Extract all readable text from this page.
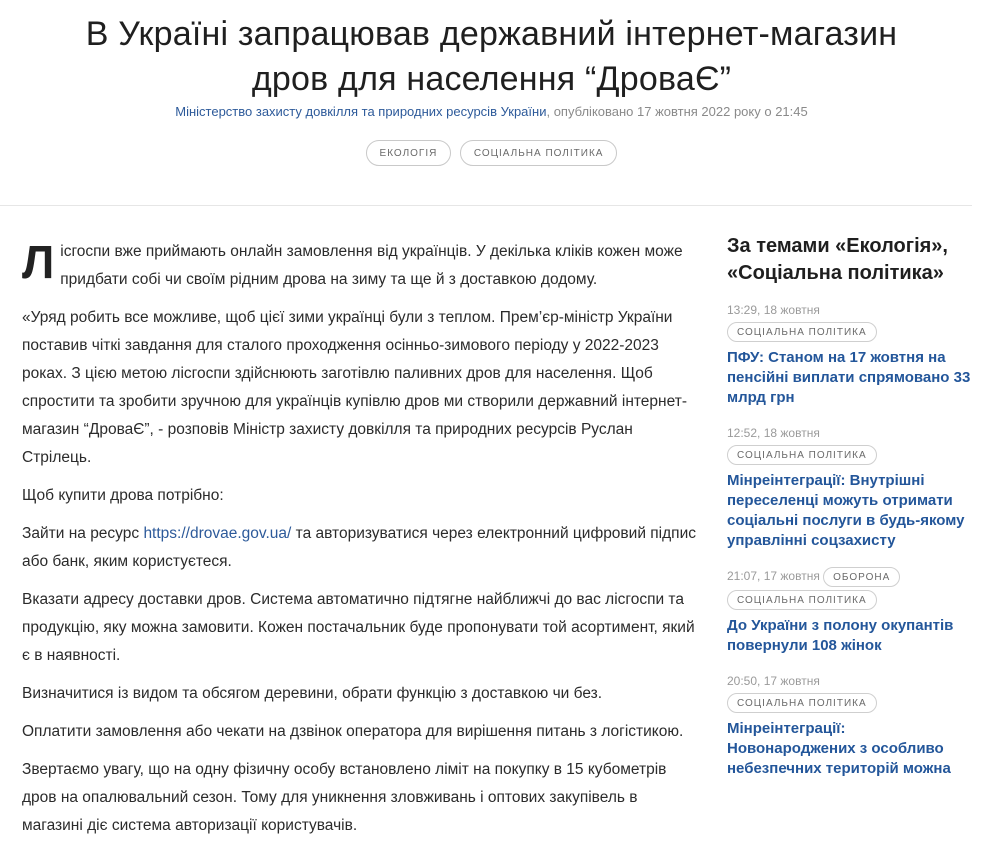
В Україні запрацював державний інтернет-магазин дров для населення “ДроваЄ”
Міністерство захисту довкілля та природних ресурсів України, опубліковано 17 жовтня 2022 року о 21:45
ЕКОЛОГІЯ	СОЦІАЛЬНА ПОЛІТИКА

Лісгоспи вже приймають онлайн замовлення від українців. У декілька кліків кожен може придбати собі чи своїм рідним дрова на зиму та ще й з доставкою додому.

«Уряд робить все можливе, щоб цієї зими українці були з теплом. Прем’єр-міністр України поставив чіткі завдання для сталого проходження осінньо-зимового періоду у 2022-2023 роках. З цією метою лісгоспи здійснюють заготівлю паливних дров для населення. Щоб спростити та зробити зручною для українців купівлю дров ми створили державний інтернет-магазин “ДроваЄ”, - розповів Міністр захисту довкілля та природних ресурсів Руслан Стрілець.

Щоб купити дрова потрібно:

Зайти на ресурс https://drovae.gov.ua/ та авторизуватися через електронний цифровий підпис або банк, яким користуєтеся.

Вказати адресу доставки дров. Система автоматично підтягне найближчі до вас лісгоспи та продукцію, яку можна замовити. Кожен постачальник буде пропонувати той асортимент, який є в наявності.

Визначитися із видом та обсягом деревини, обрати функцію з доставкою чи без.

Оплатити замовлення або чекати на дзвінок оператора для вирішення питань з логістикою.

Звертаємо увагу, що на одну фізичну особу встановлено ліміт на покупку в 15 кубометрів дров на опалювальний сезон. Тому для уникнення зловживань і оптових закупівель в магазині діє система авторизації користувачів.

За темами «Екологія», «Соціальна політика»
13:29, 18 жовтня
СОЦІАЛЬНА ПОЛІТИКА
ПФУ: Станом на 17 жовтня на пенсійні виплати спрямовано 33 млрд грн
12:52, 18 жовтня
СОЦІАЛЬНА ПОЛІТИКА
Мінреінтеграції: Внутрішні переселенці можуть отримати соціальні послуги в будь-якому управлінні соцзахисту
21:07, 17 жовтня ОБОРОНА
СОЦІАЛЬНА ПОЛІТИКА
До України з полону окупантів повернули 108 жінок
20:50, 17 жовтня
СОЦІАЛЬНА ПОЛІТИКА
Мінреінтеграції: Новонароджених з особливо небезпечних територій можна
